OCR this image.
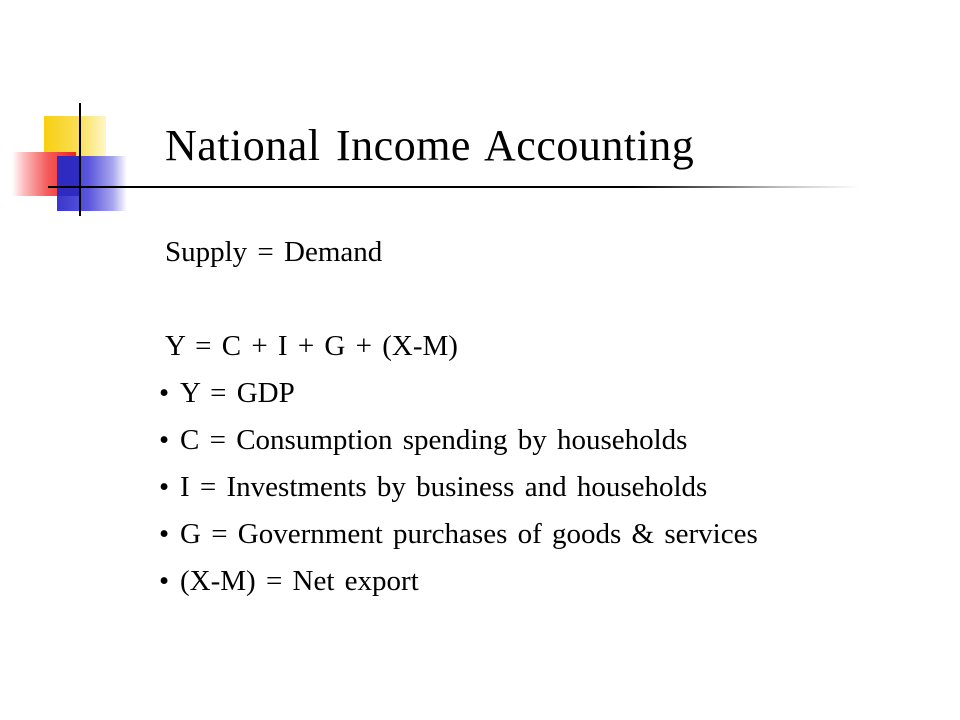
National Income Accounting
Supply = Demand
Y = C + I + G + (X-M)
• Y = GDP
• C = Consumption spending by households
• I = Investments by business and households
• G = Government purchases of goods & services
• (X-M) = Net export
